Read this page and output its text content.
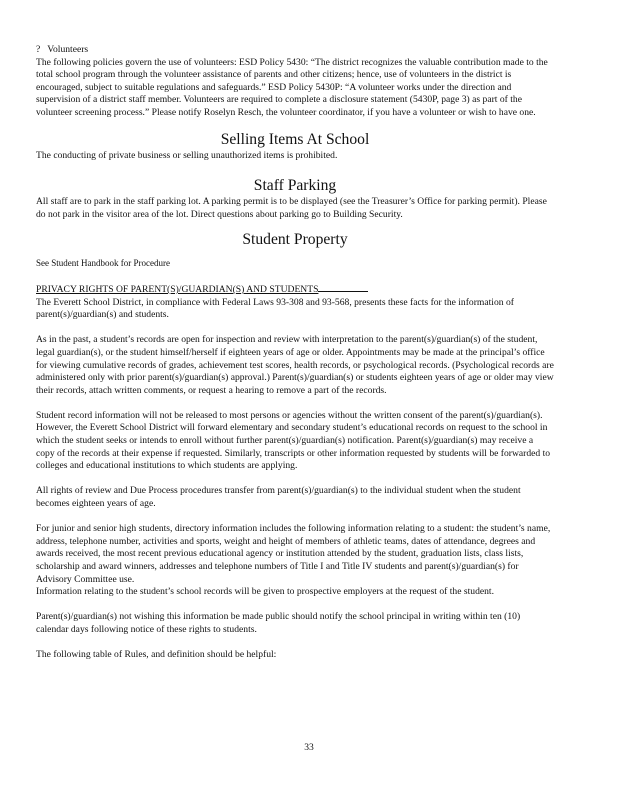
? Volunteers

The following policies govern the use of volunteers: ESD Policy 5430: “The district recognizes the valuable contribution made to the total school program through the volunteer assistance of parents and other citizens; hence, use of volunteers in the district is encouraged, subject to suitable regulations and safeguards.” ESD Policy 5430P: “A volunteer works under the direction and supervision of a district staff member. Volunteers are required to complete a disclosure statement (5430P, page 3) as part of the volunteer screening process.” Please notify Roselyn Resch, the volunteer coordinator, if you have a volunteer or wish to have one.

Selling Items At School

The conducting of private business or selling unauthorized items is prohibited.

Staff Parking

All staff are to park in the staff parking lot. A parking permit is to be displayed (see the Treasurer’s Office for parking permit). Please do not park in the visitor area of the lot. Direct questions about parking go to Building Security.

Student Property

See Student Handbook for Procedure

PRIVACY RIGHTS OF PARENT(S)/GUARDIAN(S) AND STUDENTS

The Everett School District, in compliance with Federal Laws 93-308 and 93-568, presents these facts for the information of parent(s)/guardian(s) and students.

As in the past, a student’s records are open for inspection and review with interpretation to the parent(s)/guardian(s) of the student, legal guardian(s), or the student himself/herself if eighteen years of age or older. Appointments may be made at the principal’s office for viewing cumulative records of grades, achievement test scores, health records, or psychological records. (Psychological records are administered only with prior parent(s)/guardian(s) approval.) Parent(s)/guardian(s) or students eighteen years of age or older may view their records, attach written comments, or request a hearing to remove a part of the records.

Student record information will not be released to most persons or agencies without the written consent of the parent(s)/guardian(s). However, the Everett School District will forward elementary and secondary student’s educational records on request to the school in which the student seeks or intends to enroll without further parent(s)/guardian(s) notification. Parent(s)/guardian(s) may receive a copy of the records at their expense if requested. Similarly, transcripts or other information requested by students will be forwarded to colleges and educational institutions to which students are applying.

All rights of review and Due Process procedures transfer from parent(s)/guardian(s) to the individual student when the student becomes eighteen years of age.

For junior and senior high students, directory information includes the following information relating to a student: the student’s name, address, telephone number, activities and sports, weight and height of members of athletic teams, dates of attendance, degrees and awards received, the most recent previous educational agency or institution attended by the student, graduation lists, class lists, scholarship and award winners, addresses and telephone numbers of Title I and Title IV students and parent(s)/guardian(s) for Advisory Committee use.

Information relating to the student’s school records will be given to prospective employers at the request of the student.

Parent(s)/guardian(s) not wishing this information be made public should notify the school principal in writing within ten (10) calendar days following notice of these rights to students.

The following table of Rules, and definition should be helpful:

33
